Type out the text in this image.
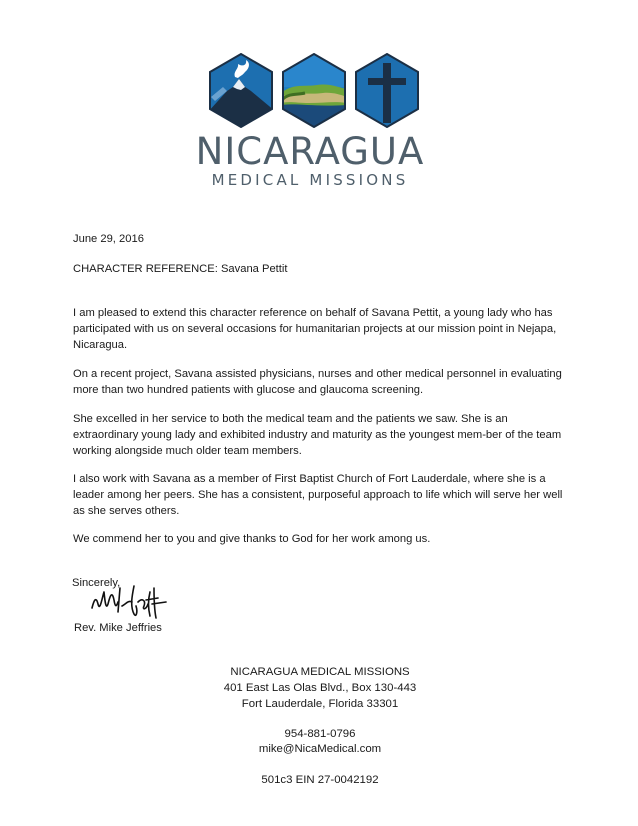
NICARAGUA
MEDICAL MISSIONS

June 29, 2016

CHARACTER REFERENCE: Savana Pettit

I am pleased to extend this character reference on behalf of Savana Pettit, a young lady who has participated with us on several occasions for humanitarian projects at our mission point in Nejapa, Nicaragua.

On a recent project, Savana assisted physicians, nurses and other medical personnel in evaluating more than two hundred patients with glucose and glaucoma screening.

She excelled in her service to both the medical team and the patients we saw. She is an extraordinary young lady and exhibited industry and maturity as the youngest mem-ber of the team working alongside much older team members.

I also work with Savana as a member of First Baptist Church of Fort Lauderdale, where she is a leader among her peers. She has a consistent, purposeful approach to life which will serve her well as she serves others.

We commend her to you and give thanks to God for her work among us.

Sincerely,
Rev. Mike Jeffries
NICARAGUA MEDICAL MISSIONS
401 East Las Olas Blvd., Box 130-443
Fort Lauderdale, Florida 33301
954-881-0796
mike@NicaMedical.com
501c3 EIN 27-0042192
